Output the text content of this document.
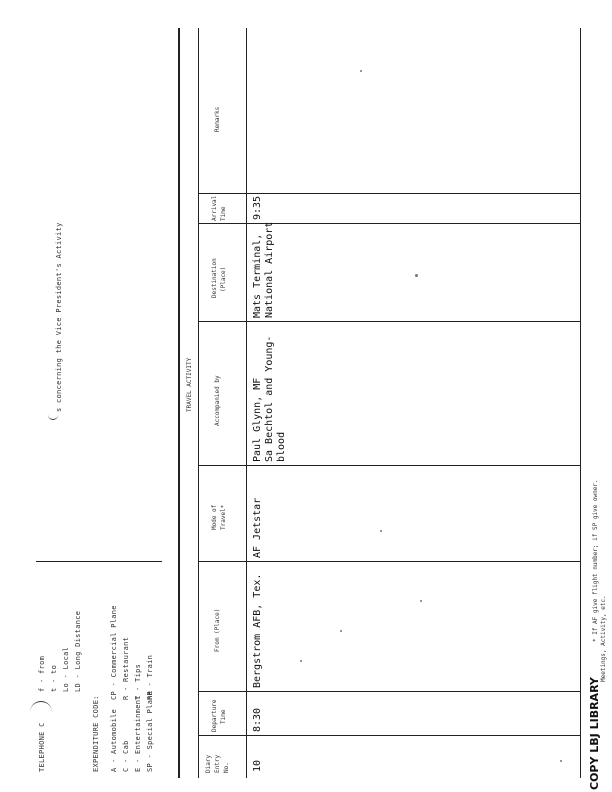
TELEPHONE C
f - from t - to Lo - Local LD - Long Distance
s concerning the Vice President's Activity
EXPENDITURE CODE: A - Automobile C - Cab E - Entertainment SP - Special Plane
CP - Commercial Plane R - Restaurant T - Tips RR - Train
TRAVEL ACTIVITY
Diary Entry No.
Departure Time
From (Place)
Mode of Travel*
Accompanied by
Destination (Place)
Arrival Time
Remarks
10
8:30
Bergstrom AFB, Tex.
AF Jetstar
Paul Glynn, MF Sa Bechtol and Young- blood
Mats Terminal, National Airport
9:35
* If AF give flight number; if SP give owner. Meetings, Activity, etc.
COPY LBJ LIBRARY
